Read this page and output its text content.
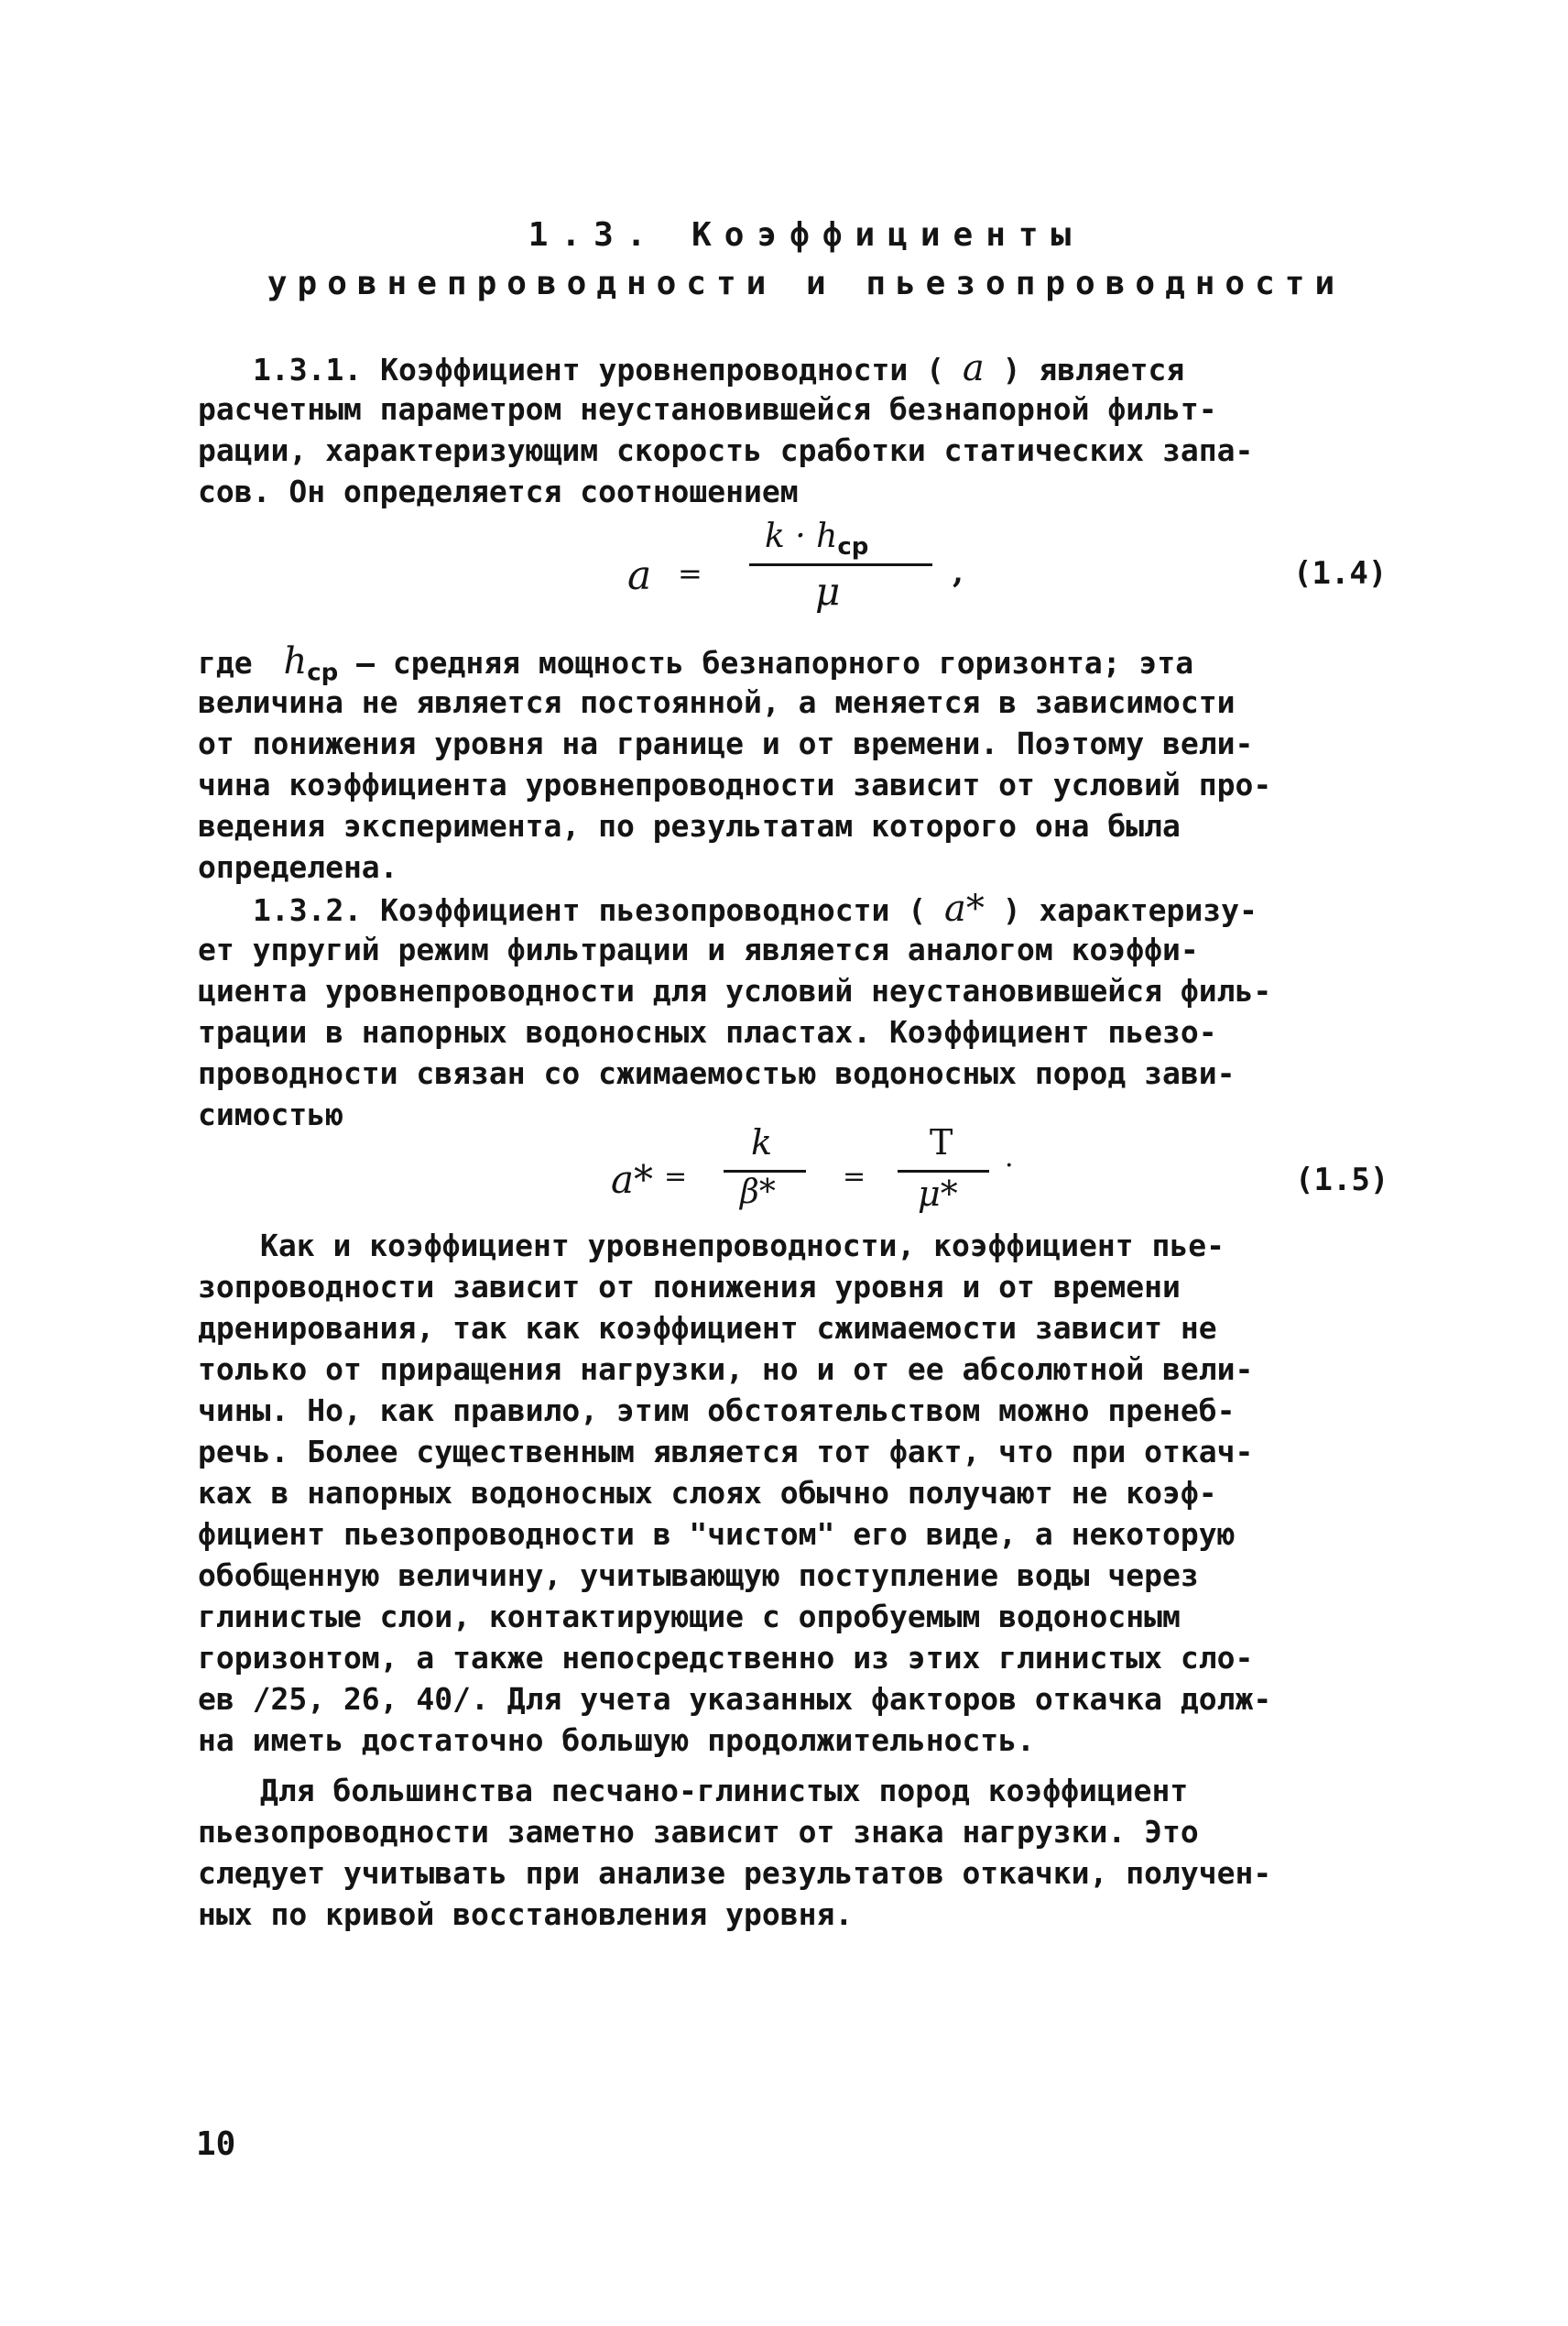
1.3. Коэффициенты
уровнепроводности и пьезопроводности
1.3.1. Коэффициент уровнепроводности ( a ) является
расчетным параметром неустановившейся безнапорной фильт-
рации, характеризующим скорость сработки статических запа-
сов. Он определяется соотношением
a =
$k \cdot h_{ср}$
μ	,	(1.4)
где $h_{ср}$ – средняя мощность безнапорного горизонта; эта
величина не является постоянной, а меняется в зависимости
от понижения уровня на границе и от времени. Поэтому вели-
чина коэффициента уровнепроводности зависит от условий про-
ведения эксперимента, по результатам которого она была
определена.
1.3.2. Коэффициент пьезопроводности ( a* ) характеризу-
ет упругий режим фильтрации и является аналогом коэффи-
циента уровнепроводности для условий неустановившейся филь-
трации в напорных водоносных пластах. Коэффициент пьезо-
проводности связан со сжимаемостью водоносных пород зави-
симостью
a* =
k
β* =
T
μ*
·	(1.5)
Как и коэффициент уровнепроводности, коэффициент пье-
зопроводности зависит от понижения уровня и от времени
дренирования, так как коэффициент сжимаемости зависит не
только от приращения нагрузки, но и от ее абсолютной вели-
чины. Но, как правило, этим обстоятельством можно пренеб-
речь. Более существенным является тот факт, что при откач-
ках в напорных водоносных слоях обычно получают не коэф-
фициент пьезопроводности в "чистом" его виде, а некоторую
обобщенную величину, учитывающую поступление воды через
глинистые слои, контактирующие с опробуемым водоносным
горизонтом, а также непосредственно из этих глинистых сло-
ев /25, 26, 40/. Для учета указанных факторов откачка долж-
на иметь достаточно большую продолжительность.
Для большинства песчано-глинистых пород коэффициент
пьезопроводности заметно зависит от знака нагрузки. Это
следует учитывать при анализе результатов откачки, получен-
ных по кривой восстановления уровня.
10
